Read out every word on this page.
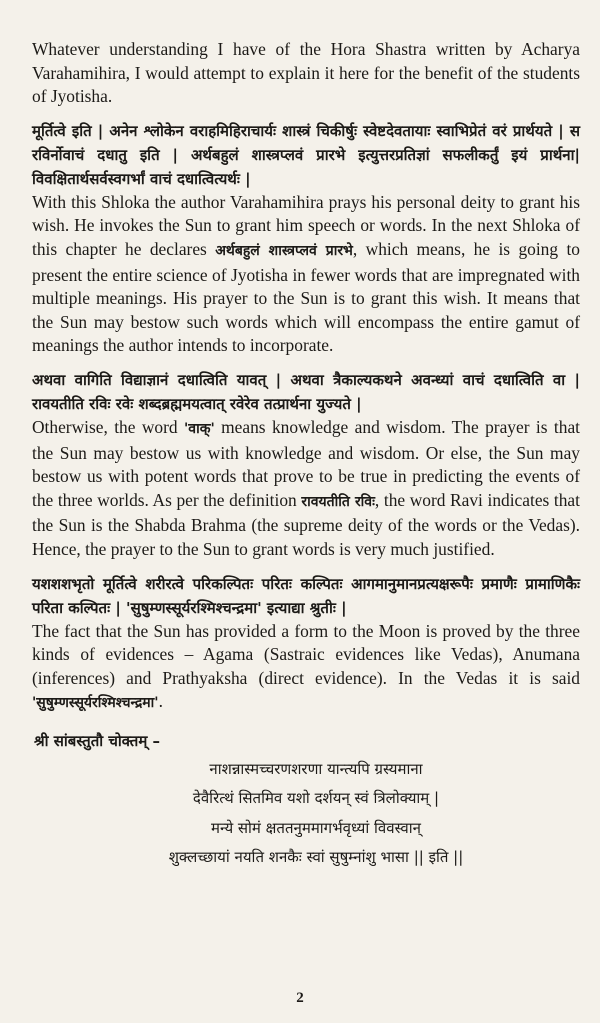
Whatever understanding I have of the Hora Shastra written by Acharya Varahamihira, I would attempt to explain it here for the benefit of the students of Jyotisha.

मूर्तित्वे इति | अनेन श्लोकेन वराहमिहिराचार्यः शास्त्रं चिकीर्षुः स्वेष्टदेवतायाः स्वाभिप्रेतं वरं प्रार्थयते | स रविर्नोवाचं दधातु इति | अर्थबहुलं शास्त्रप्लवं प्रारभे इत्युत्तरप्रतिज्ञां सफलीकर्तुं इयं प्रार्थना| विवक्षितार्थसर्वस्वगर्भां वाचं दधात्वित्यर्थः |

With this Shloka the author Varahamihira prays his personal deity to grant his wish. He invokes the Sun to grant him speech or words. In the next Shloka of this chapter he declares अर्थबहुलं शास्त्रप्लवं प्रारभे, which means, he is going to present the entire science of Jyotisha in fewer words that are impregnated with multiple meanings. His prayer to the Sun is to grant this wish. It means that the Sun may bestow such words which will encompass the entire gamut of meanings the author intends to incorporate.

अथवा वागिति विद्याज्ञानं दधात्विति यावत् | अथवा त्रैकाल्यकथने अवन्ध्यां वाचं दधात्विति वा | रावयतीति रविः रवेः शब्दब्रह्ममयत्वात् रवेरेव तत्प्रार्थना युज्यते |

Otherwise, the word 'वाक्' means knowledge and wisdom. The prayer is that the Sun may bestow us with knowledge and wisdom. Or else, the Sun may bestow us with potent words that prove to be true in predicting the events of the three worlds. As per the definition रावयतीति रविः, the word Ravi indicates that the Sun is the Shabda Brahma (the supreme deity of the words or the Vedas). Hence, the prayer to the Sun to grant words is very much justified.

यशशशभृतो मूर्तित्वे शरीरत्वे परिकल्पितः परितः कल्पितः आगमानुमानप्रत्यक्षरूपैः प्रमाणैः प्रामाणिकैः परिता कल्पितः | 'सुषुम्णस्सूर्यरश्मिश्चन्द्रमा' इत्याद्या श्रुतीः |

The fact that the Sun has provided a form to the Moon is proved by the three kinds of evidences – Agama (Sastraic evidences like Vedas), Anumana (inferences) and Prathyaksha (direct evidence). In the Vedas it is said 'सुषुम्णस्सूर्यरश्मिश्चन्द्रमा'.

श्री सांबस्तुतौ चोक्तम् –
नाशन्नास्मच्चरणशरणा यान्त्यपि ग्रस्यमाना
देवैरित्थं सितमिव यशो दर्शयन् स्वं त्रिलोक्याम् |
मन्ये सोमं क्षततनुममागर्भवृध्यां विवस्वान्
शुक्लच्छायां नयति शनकैः स्वां सुषुम्नांशु भासा || इति ||
2
